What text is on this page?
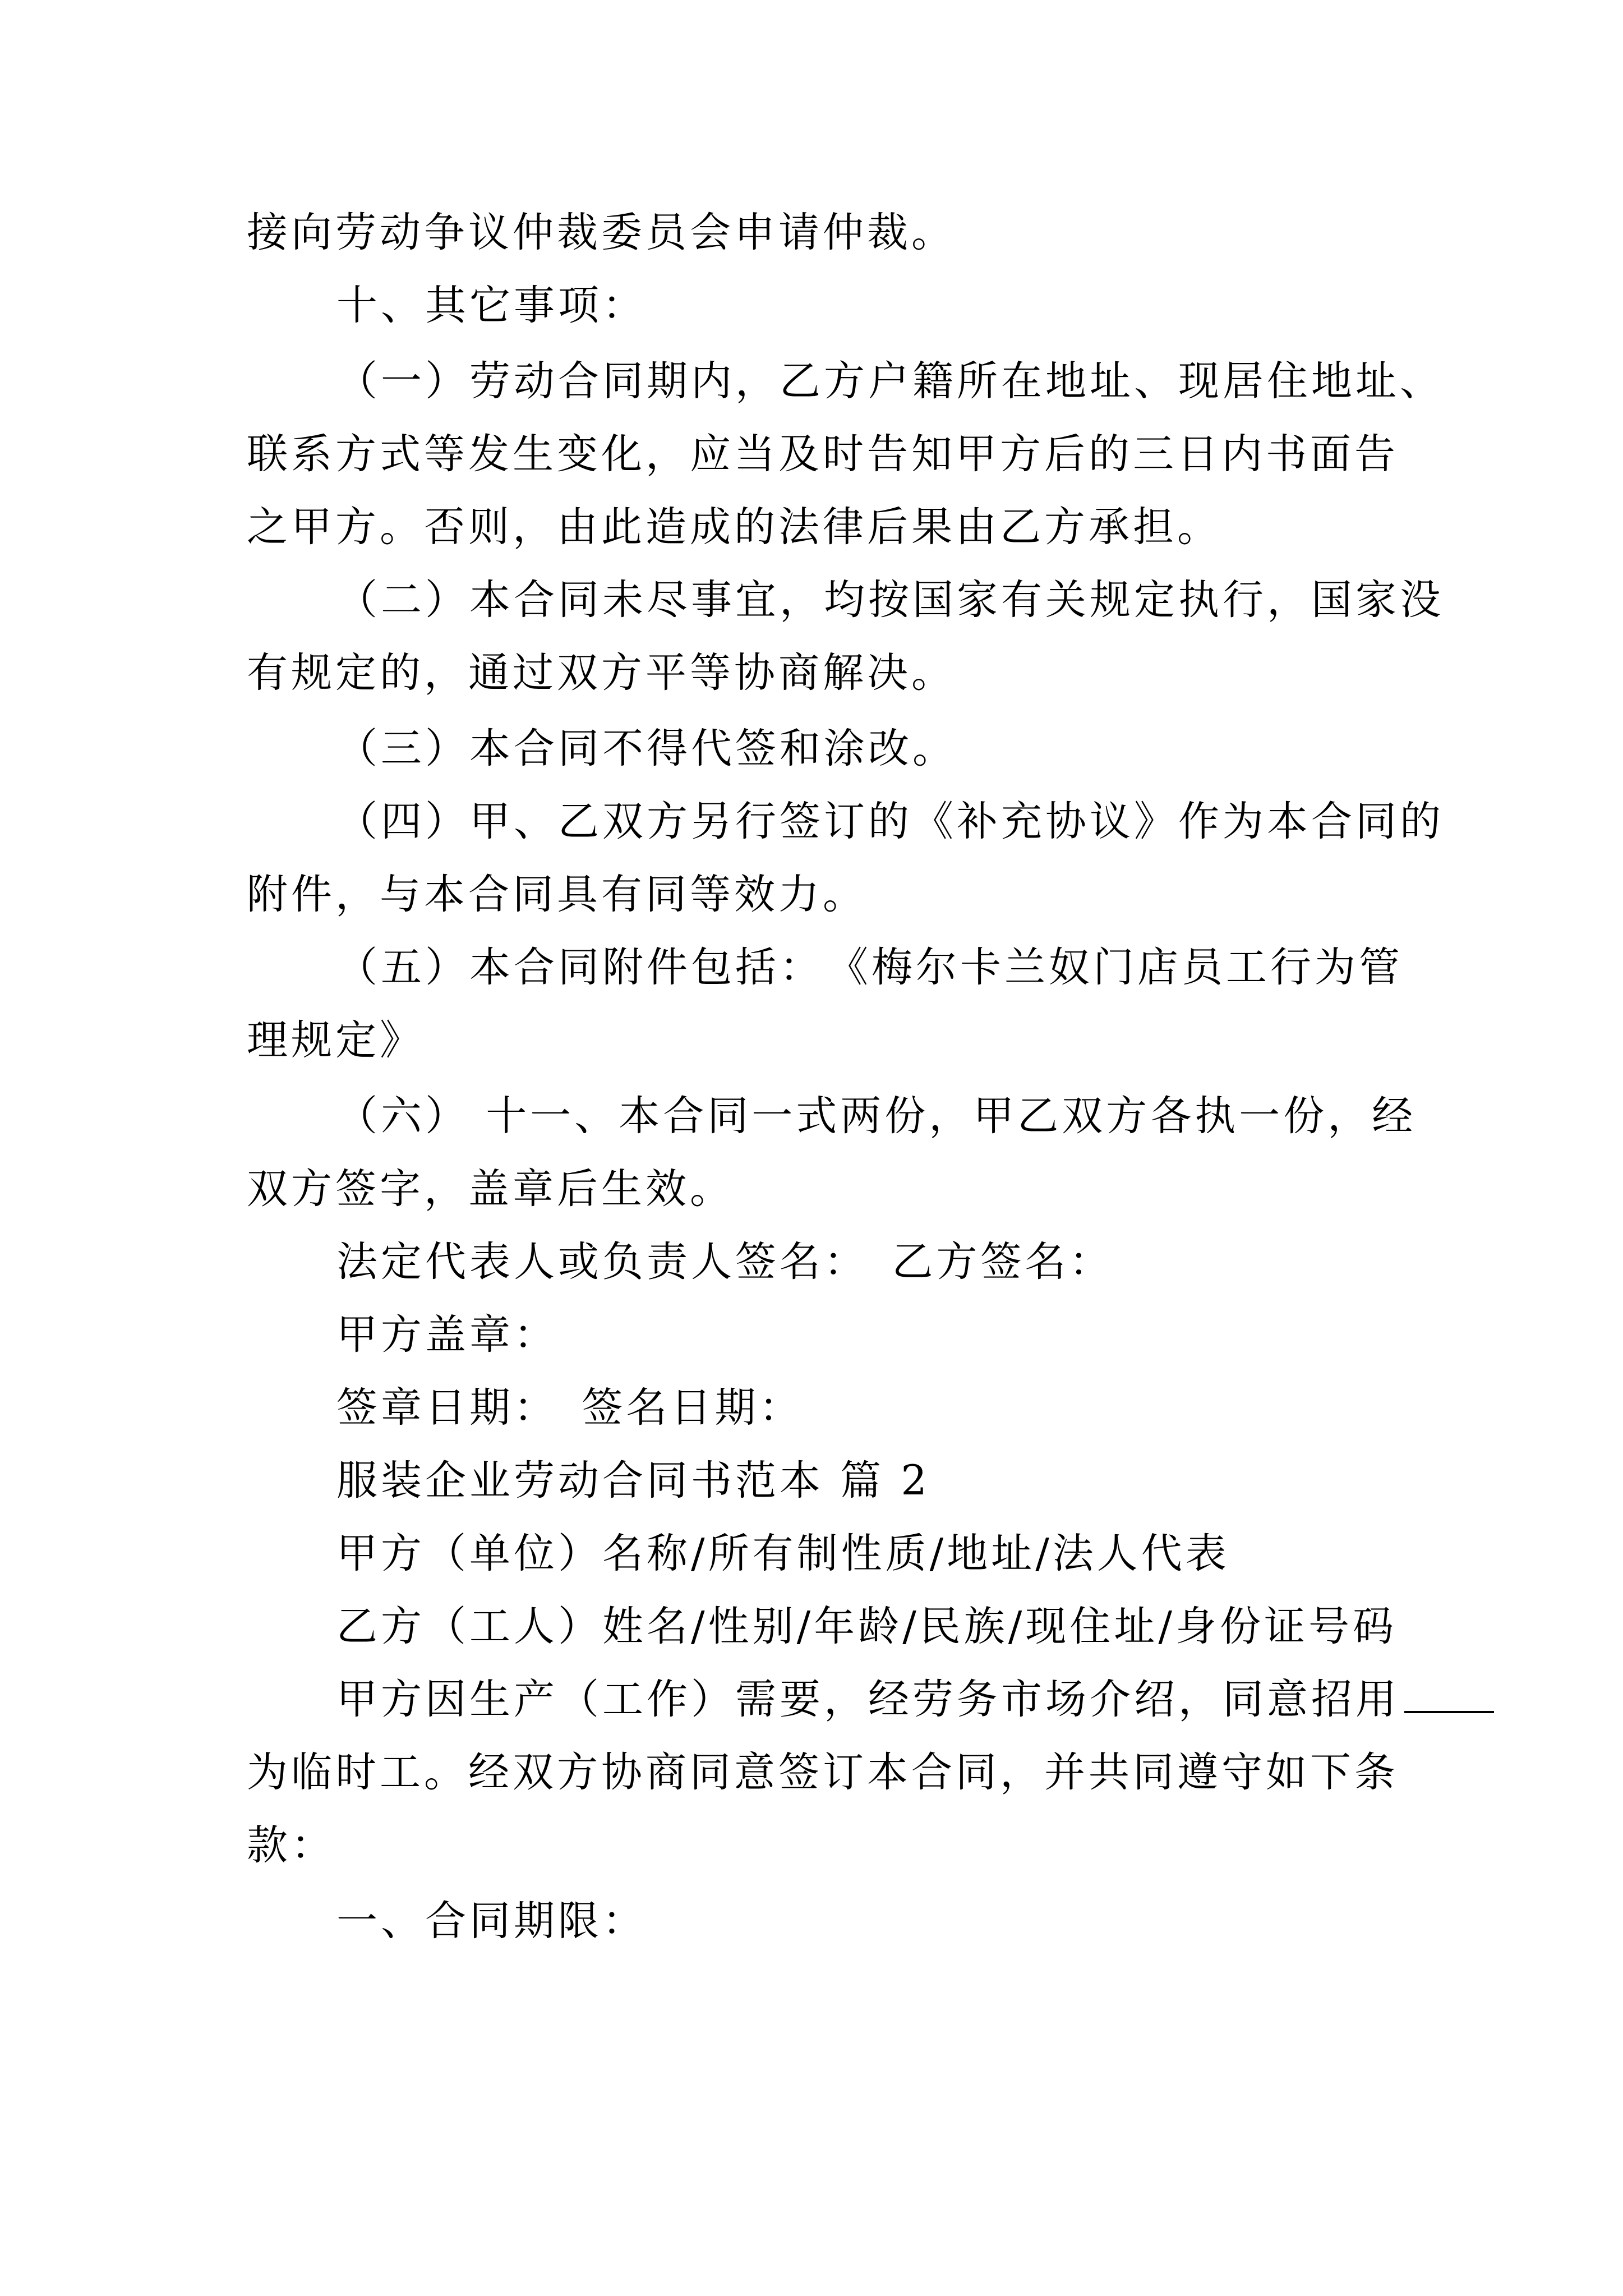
接向劳动争议仲裁委员会申请仲裁。
十、其它事项：
（一）劳动合同期内，乙方户籍所在地址、现居住地址、
联系方式等发生变化，应当及时告知甲方后的三日内书面告
之甲方。否则，由此造成的法律后果由乙方承担。
（二）本合同未尽事宜，均按国家有关规定执行，国家没
有规定的，通过双方平等协商解决。
（三）本合同不得代签和涂改。
（四）甲、乙双方另行签订的《补充协议》作为本合同的
附件，与本合同具有同等效力。
（五）本合同附件包括：　《梅尔卡兰奴门店员工行为管
理规定》
（六） 十一、本合同一式两份，甲乙双方各执一份，经
双方签字，盖章后生效。
法定代表人或负责人签名：　乙方签名：
甲方盖章：
签章日期：　签名日期：
服装企业劳动合同书范本 篇 2
甲方（单位）名称/所有制性质/地址/法人代表
乙方（工人）姓名/性别/年龄/民族/现住址/身份证号码
甲方因生产（工作）需要，经劳务市场介绍，同意招用
为临时工。经双方协商同意签订本合同，并共同遵守如下条
款：
一、合同期限：
